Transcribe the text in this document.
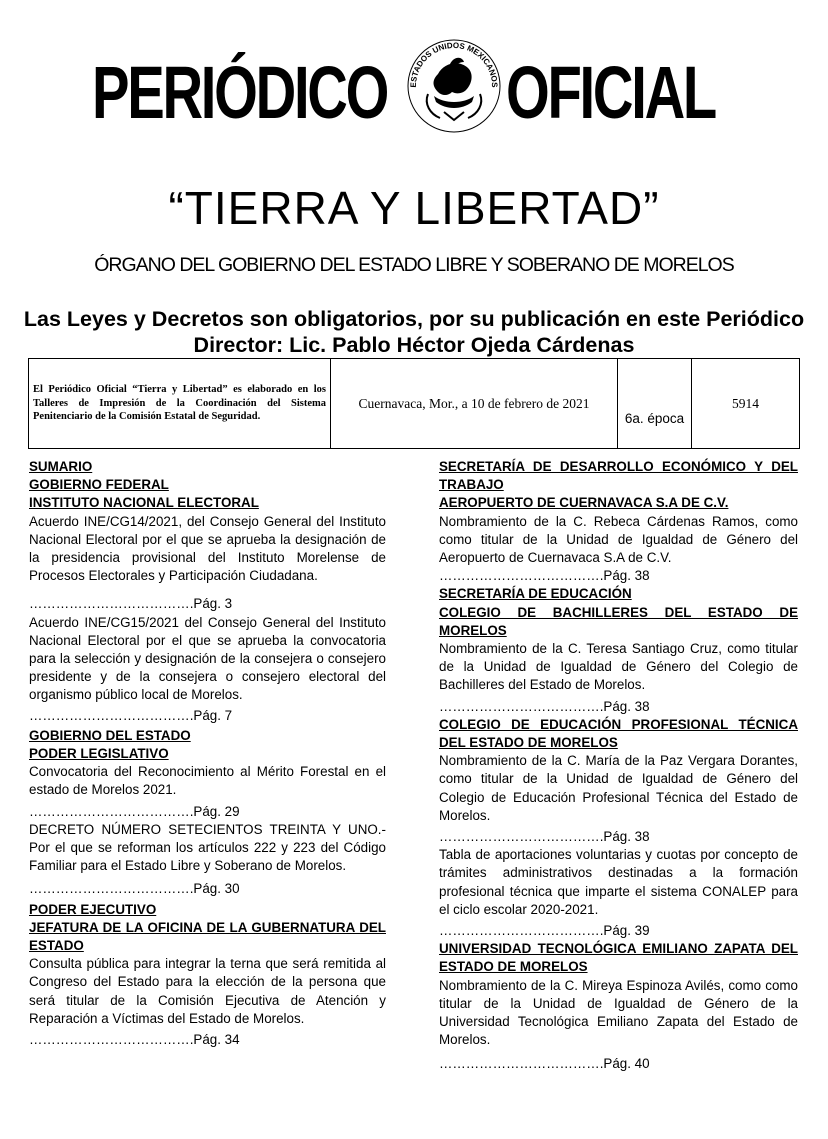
PERIÓDICO	ESTADOS UNIDOS MEXICANOS OFICIAL
“TIERRA Y LIBERTAD”
ÓRGANO DEL GOBIERNO DEL ESTADO LIBRE Y SOBERANO DE MORELOS
Las Leyes y Decretos son obligatorios, por su publicación en este Periódico
Director: Lic. Pablo Héctor Ojeda Cárdenas
El Periódico Oficial “Tierra y Libertad” es elaborado en los Talleres de Impresión de la Coordinación del Sistema Penitenciario de la Comisión Estatal de Seguridad.
Cuernavaca, Mor., a 10 de febrero de 2021
6a. época
5914

SUMARIO

GOBIERNO FEDERAL

INSTITUTO NACIONAL ELECTORAL

Acuerdo INE/CG14/2021, del Consejo General del Instituto Nacional Electoral por el que se aprueba la designación de la presidencia provisional del Instituto Morelense de Procesos Electorales y Participación Ciudadana.

……………………………….Pág. 3

Acuerdo INE/CG15/2021 del Consejo General del Instituto Nacional Electoral por el que se aprueba la convocatoria para la selección y designación de la consejera o consejero presidente y de la consejera o consejero electoral del organismo público local de Morelos.

……………………………….Pág. 7

GOBIERNO DEL ESTADO

PODER LEGISLATIVO

Convocatoria del Reconocimiento al Mérito Forestal en el estado de Morelos 2021.

……………………………….Pág. 29

DECRETO NÚMERO SETECIENTOS TREINTA Y UNO.- Por el que se reforman los artículos 222 y 223 del Código Familiar para el Estado Libre y Soberano de Morelos.

……………………………….Pág. 30

PODER EJECUTIVO

JEFATURA DE LA OFICINA DE LA GUBERNATURA DEL ESTADO

Consulta pública para integrar la terna que será remitida al Congreso del Estado para la elección de la persona que será titular de la Comisión Ejecutiva de Atención y Reparación a Víctimas del Estado de Morelos.

……………………………….Pág. 34

SECRETARÍA DE DESARROLLO ECONÓMICO Y DEL TRABAJO

AEROPUERTO DE CUERNAVACA S.A DE C.V.

Nombramiento de la C. Rebeca Cárdenas Ramos, como como titular de la Unidad de Igualdad de Género del Aeropuerto de Cuernavaca S.A de C.V.

……………………………….Pág. 38

SECRETARÍA DE EDUCACIÓN

COLEGIO DE BACHILLERES DEL ESTADO DE MORELOS

Nombramiento de la C. Teresa Santiago Cruz, como titular de la Unidad de Igualdad de Género del Colegio de Bachilleres del Estado de Morelos.

……………………………….Pág. 38

COLEGIO DE EDUCACIÓN PROFESIONAL TÉCNICA DEL ESTADO DE MORELOS

Nombramiento de la C. María de la Paz Vergara Dorantes, como titular de la Unidad de Igualdad de Género del Colegio de Educación Profesional Técnica del Estado de Morelos.

……………………………….Pág. 38

Tabla de aportaciones voluntarias y cuotas por concepto de trámites administrativos destinadas a la formación profesional técnica que imparte el sistema CONALEP para el ciclo escolar 2020-2021.

……………………………….Pág. 39

UNIVERSIDAD TECNOLÓGICA EMILIANO ZAPATA DEL ESTADO DE MORELOS

Nombramiento de la C. Mireya Espinoza Avilés, como como titular de la Unidad de Igualdad de Género de la Universidad Tecnológica Emiliano Zapata del Estado de Morelos.

……………………………….Pág. 40
